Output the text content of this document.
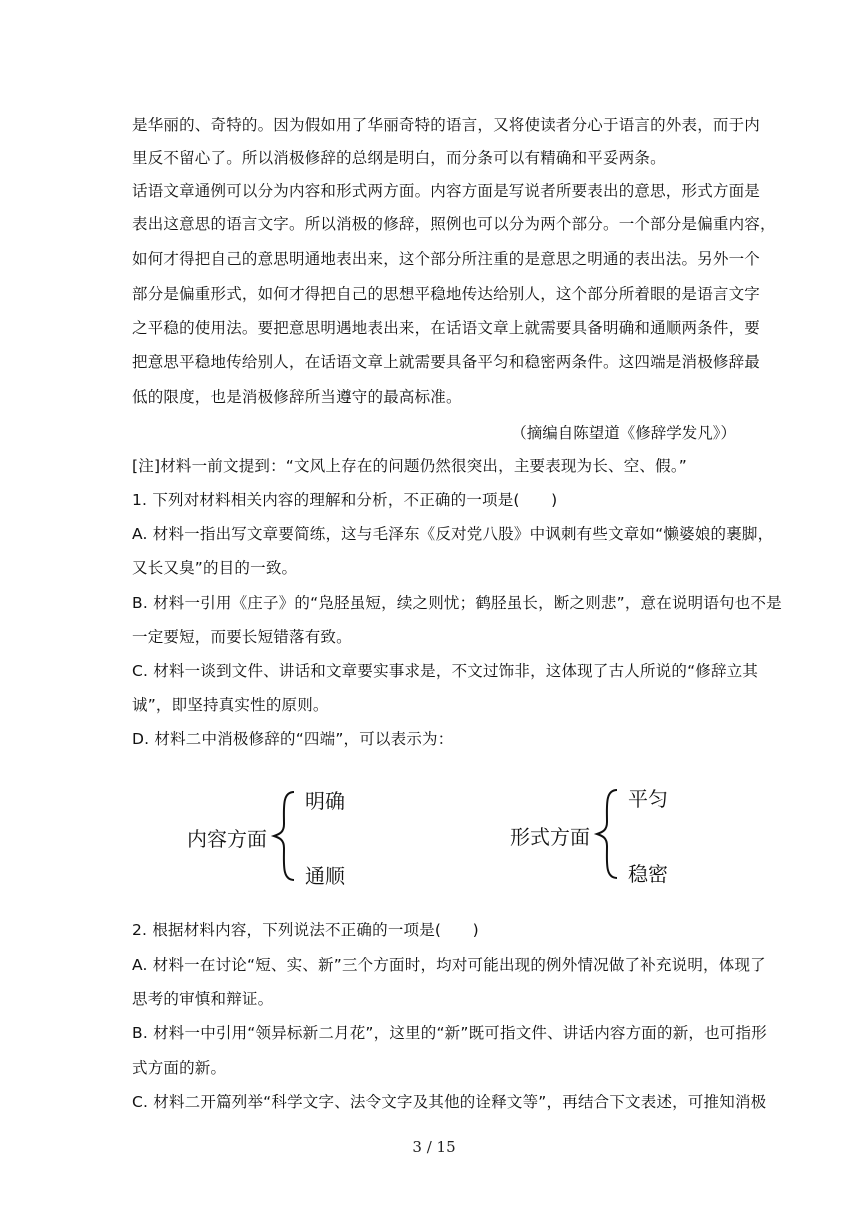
是华丽的、奇特的。因为假如用了华丽奇特的语言，又将使读者分心于语言的外表，而于内
里反不留心了。所以消极修辞的总纲是明白，而分条可以有精确和平妥两条。
话语文章通例可以分为内容和形式两方面。内容方面是写说者所要表出的意思，形式方面是
表出这意思的语言文字。所以消极的修辞，照例也可以分为两个部分。一个部分是偏重内容，
如何才得把自己的意思明通地表出来，这个部分所注重的是意思之明通的表出法。另外一个
部分是偏重形式，如何才得把自己的思想平稳地传达给别人，这个部分所着眼的是语言文字
之平稳的使用法。要把意思明遇地表出来，在话语文章上就需要具备明确和通顺两条件，要
把意思平稳地传给别人，在话语文章上就需要具备平匀和稳密两条件。这四端是消极修辞最
低的限度，也是消极修辞所当遵守的最高标准。
（摘编自陈望道《修辞学发凡》）
[注]材料一前文提到：“文风上存在的问题仍然很突出，主要表现为长、空、假。”
1. 下列对材料相关内容的理解和分析，不正确的一项是(　　)
A. 材料一指出写文章要简练，这与毛泽东《反对党八股》中讽刺有些文章如“懒婆娘的裹脚，
又长又臭”的目的一致。
B. 材料一引用《庄子》的“凫胫虽短，续之则忧；鹤胫虽长，断之则悲”，意在说明语句也不是
一定要短，而要长短错落有致。
C. 材料一谈到文件、讲话和文章要实事求是，不文过饰非，这体现了古人所说的“修辞立其
诚”，即坚持真实性的原则。
D. 材料二中消极修辞的“四端”，可以表示为：
内容方面
明确
通顺
形式方面
平匀
稳密
2. 根据材料内容，下列说法不正确的一项是(　　)
A. 材料一在讨论“短、实、新”三个方面时，均对可能出现的例外情况做了补充说明，体现了
思考的审慎和辩证。
B. 材料一中引用“领异标新二月花”，这里的“新”既可指文件、讲话内容方面的新，也可指形
式方面的新。
C. 材料二开篇列举“科学文字、法令文字及其他的诠释文等”，再结合下文表述，可推知消极
3 / 15
